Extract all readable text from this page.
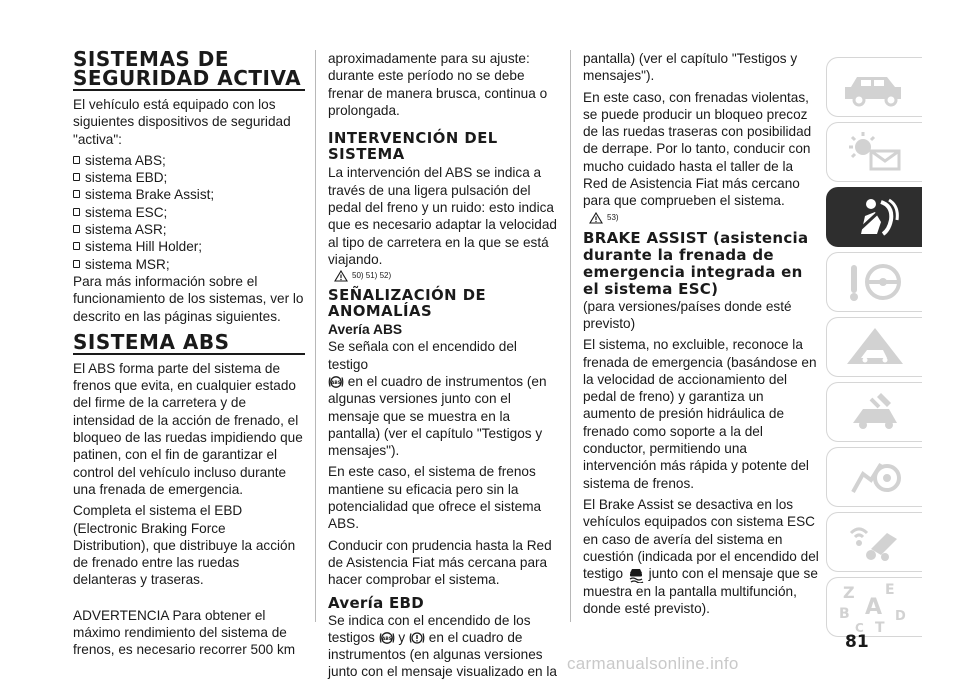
SISTEMAS DE SEGURIDAD ACTIVA

El vehículo está equipado con los siguientes dispositivos de seguridad "activa":

sistema ABS;
sistema EBD;
sistema Brake Assist;
sistema ESC;
sistema ASR;
sistema Hill Holder;
sistema MSR;

Para más información sobre el funcionamiento de los sistemas, ver lo descrito en las páginas siguientes.

SISTEMA ABS

El ABS forma parte del sistema de frenos que evita, en cualquier estado del firme de la carretera y de intensidad de la acción de frenado, el bloqueo de las ruedas impidiendo que patinen, con el fin de garantizar el control del vehículo incluso durante una frenada de emergencia.

Completa el sistema el EBD (Electronic Braking Force Distribution), que distribuye la acción de frenado entre las ruedas delanteras y traseras.

ADVERTENCIA Para obtener el máximo rendimiento del sistema de frenos, es necesario recorrer 500 km

aproximadamente para su ajuste: durante este período no se debe frenar de manera brusca, continua o prolongada.

INTERVENCIÓN DEL SISTEMA

La intervención del ABS se indica a través de una ligera pulsación del pedal del freno y un ruido: esto indica que es necesario adaptar la velocidad al tipo de carretera en la que se está viajando.

50) 51) 52)
SEÑALIZACIÓN DE ANOMALÍAS
Avería ABS

Se señala con el encendido del testigo

ABS en el cuadro de instrumentos (en algunas versiones junto con el mensaje que se muestra en la pantalla) (ver el capítulo "Testigos y mensajes").

En este caso, el sistema de frenos mantiene su eficacia pero sin la potencialidad que ofrece el sistema ABS.

Conducir con prudencia hasta la Red de Asistencia Fiat más cercana para hacer comprobar el sistema.

Avería EBD

Se indica con el encendido de los testigos ABS y en el cuadro de instrumentos (en algunas versiones junto con el mensaje visualizado en la

pantalla) (ver el capítulo "Testigos y mensajes").

En este caso, con frenadas violentas, se puede producir un bloqueo precoz de las ruedas traseras con posibilidad de derrape. Por lo tanto, conducir con mucho cuidado hasta el taller de la Red de Asistencia Fiat más cercano para que comprueben el sistema.

53)
BRAKE ASSIST (asistencia durante la frenada de emergencia integrada en el sistema ESC)

(para versiones/países donde esté previsto)

El sistema, no excluible, reconoce la frenada de emergencia (basándose en la velocidad de accionamiento del pedal de freno) y garantiza un aumento de presión hidráulica de frenado como soporte a la del conductor, permitiendo una intervención más rápida y potente del sistema de frenos.

El Brake Assist se desactiva en los vehículos equipados con sistema ESC en caso de avería del sistema en cuestión (indicada por el encendido del testigo junto con el mensaje que se muestra en la pantalla multifunción, donde esté previsto).

Z E
B A
C T
D
81
carmanualsonline.info
